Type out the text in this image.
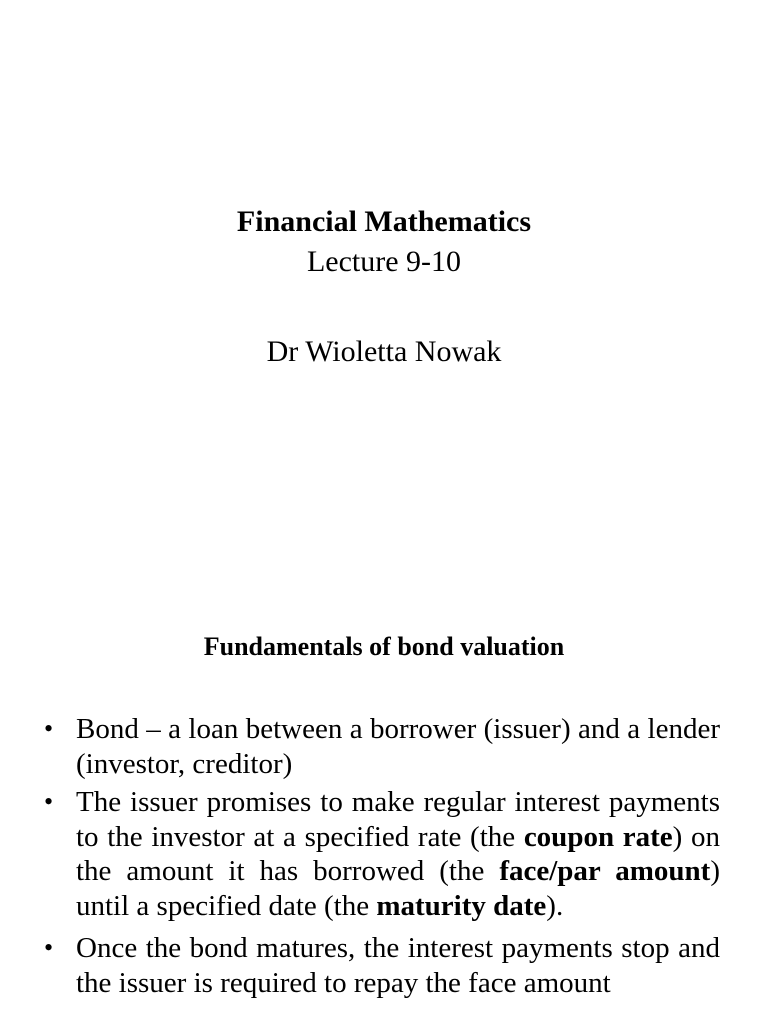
Financial Mathematics

Lecture 9-10

Dr Wioletta Nowak

Fundamentals of bond valuation

• Bond – a loan between a borrower (issuer) and a lender (investor, creditor)
• The issuer promises to make regular interest payments to the investor at a specified rate (the coupon rate) on the amount it has borrowed (the face/par amount) until a specified date (the maturity date).
• Once the bond matures, the interest payments stop and the issuer is required to repay the face amount
